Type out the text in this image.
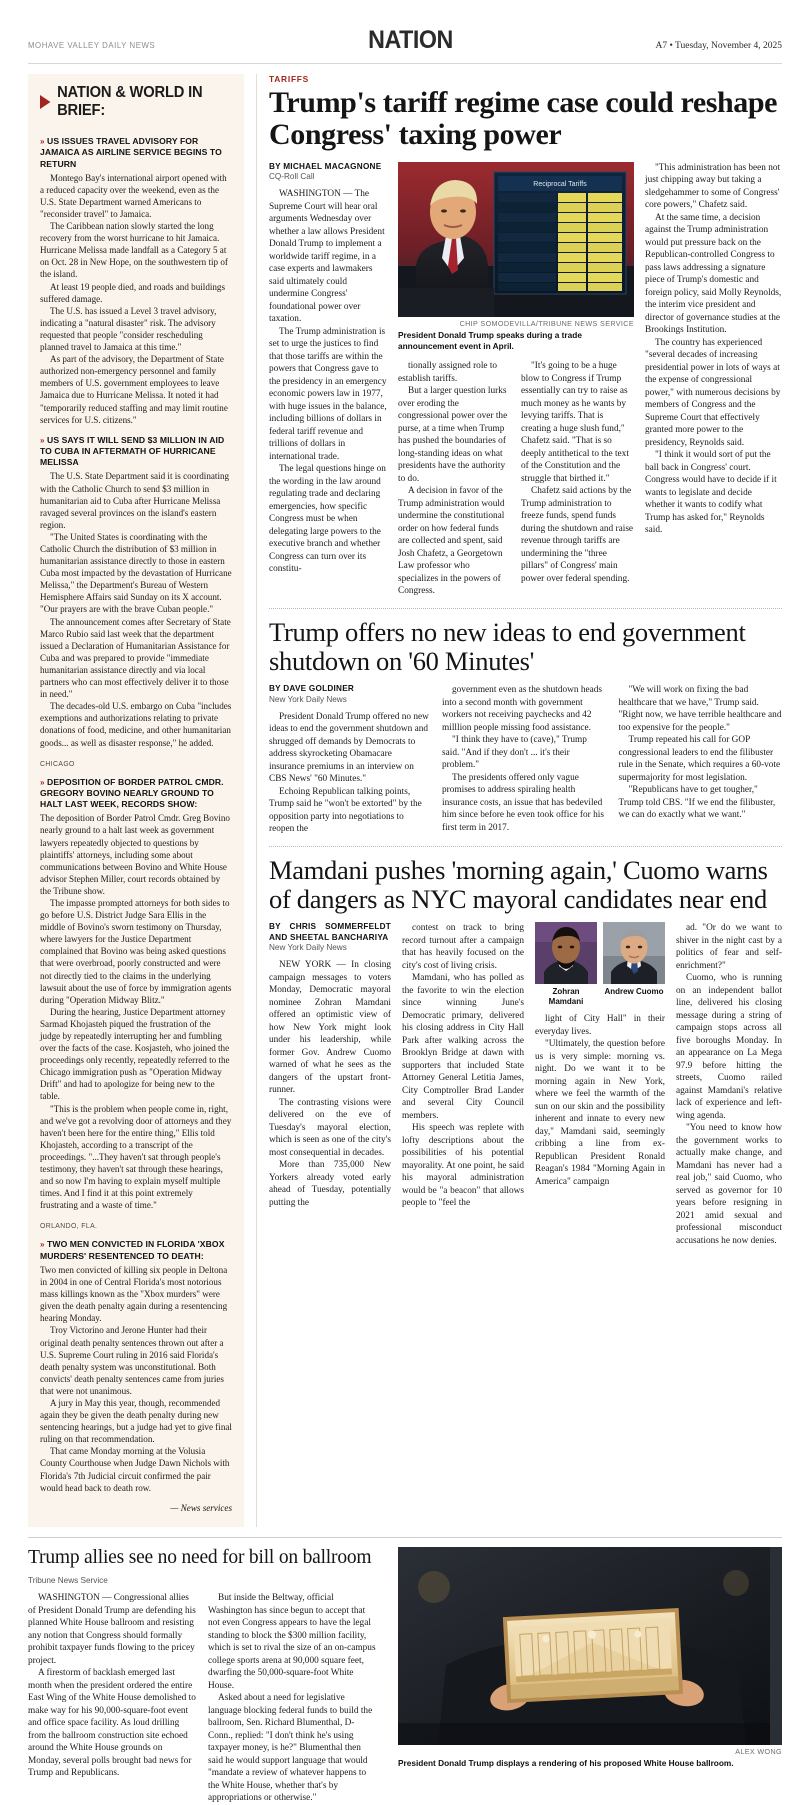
MOHAVE VALLEY DAILY NEWS	NATION	A7 • Tuesday, November 4, 2025
NATION & WORLD IN BRIEF:
» US ISSUES TRAVEL ADVISORY FOR JAMAICA AS AIRLINE SERVICE BEGINS TO RETURN

Montego Bay's international airport opened with a reduced capacity over the weekend, even as the U.S. State Department warned Americans to "reconsider travel" to Jamaica.

The Caribbean nation slowly started the long recovery from the worst hurricane to hit Jamaica. Hurricane Melissa made landfall as a Category 5 at on Oct. 28 in New Hope, on the southwestern tip of the island.

At least 19 people died, and roads and buildings suffered damage.

The U.S. has issued a Level 3 travel advisory, indicating a "natural disaster" risk. The advisory requested that people "consider rescheduling planned travel to Jamaica at this time."

As part of the advisory, the Department of State authorized non-emergency personnel and family members of U.S. government employees to leave Jamaica due to Hurricane Melissa. It noted it had "temporarily reduced staffing and may limit routine services for U.S. citizens."

» US SAYS IT WILL SEND $3 MILLION IN AID TO CUBA IN AFTERMATH OF HURRICANE MELISSA

The U.S. State Department said it is coordinating with the Catholic Church to send $3 million in humanitarian aid to Cuba after Hurricane Melissa ravaged several provinces on the island's eastern region.

"The United States is coordinating with the Catholic Church the distribution of $3 million in humanitarian assistance directly to those in eastern Cuba most impacted by the devastation of Hurricane Melissa," the Department's Bureau of Western Hemisphere Affairs said Sunday on its X account. "Our prayers are with the brave Cuban people."

The announcement comes after Secretary of State Marco Rubio said last week that the department issued a Declaration of Humanitarian Assistance for Cuba and was prepared to provide "immediate humanitarian assistance directly and via local partners who can most effectively deliver it to those in need."

The decades-old U.S. embargo on Cuba "includes exemptions and authorizations relating to private donations of food, medicine, and other humanitarian goods... as well as disaster response," he added.

CHICAGO
» DEPOSITION OF BORDER PATROL CMDR. GREGORY BOVINO NEARLY GROUND TO HALT LAST WEEK, RECORDS SHOW:

The deposition of Border Patrol Cmdr. Greg Bovino nearly ground to a halt last week as government lawyers repeatedly objected to questions by plaintiffs' attorneys, including some about communications between Bovino and White House advisor Stephen Miller, court records obtained by the Tribune show.

The impasse prompted attorneys for both sides to go before U.S. District Judge Sara Ellis in the middle of Bovino's sworn testimony on Thursday, where lawyers for the Justice Department complained that Bovino was being asked questions that were overbroad, poorly constructed and were not directly tied to the claims in the underlying lawsuit about the use of force by immigration agents during "Operation Midway Blitz."

During the hearing, Justice Department attorney Sarmad Khojasteh piqued the frustration of the judge by repeatedly interrupting her and fumbling over the facts of the case. Kosjasteh, who joined the proceedings only recently, repeatedly referred to the Chicago immigration push as "Operation Midway Drift" and had to apologize for being new to the table.

"This is the problem when people come in, right, and we've got a revolving door of attorneys and they haven't been here for the entire thing," Ellis told Khojasteh, according to a transcript of the proceedings. "...They haven't sat through people's testimony, they haven't sat through these hearings, and so now I'm having to explain myself multiple times. And I find it at this point extremely frustrating and a waste of time."

ORLANDO, FLA.
» TWO MEN CONVICTED IN FLORIDA 'XBOX MURDERS' RESENTENCED TO DEATH:

Two men convicted of killing six people in Deltona in 2004 in one of Central Florida's most notorious mass killings known as the "Xbox murders" were given the death penalty again during a resentencing hearing Monday.

Troy Victorino and Jerone Hunter had their original death penalty sentences thrown out after a U.S. Supreme Court ruling in 2016 said Florida's death penalty system was unconstitutional. Both convicts' death penalty sentences came from juries that were not unanimous.

A jury in May this year, though, recommended again they be given the death penalty during new sentencing hearings, but a judge had yet to give final ruling on that recommendation.

That came Monday morning at the Volusia County Courthouse when Judge Dawn Nichols with Florida's 7th Judicial circuit confirmed the pair would head back to death row.

— News services
TARIFFS
Trump's tariff regime case could reshape Congress' taxing power
BY MICHAEL MACAGNONE
CQ-Roll Call

WASHINGTON — The Supreme Court will hear oral arguments Wednesday over whether a law allows President Donald Trump to implement a worldwide tariff regime, in a case experts and lawmakers said ultimately could undermine Congress' foundational power over taxation.

The Trump administration is set to urge the justices to find that those tariffs are within the powers that Congress gave to the presidency in an emergency economic powers law in 1977, with huge issues in the balance, including billions of dollars in federal tariff revenue and trillions of dollars in international trade.

The legal questions hinge on the wording in the law around regulating trade and declaring emergencies, how specific Congress must be when delegating large powers to the executive branch and whether Congress can turn over its constitu-

Reciprocal Tariffs
CHIP SOMODEVILLA/TRIBUNE NEWS SERVICE
President Donald Trump speaks during a trade announcement event in April.

tionally assigned role to establish tariffs.

But a larger question lurks over eroding the congressional power over the purse, at a time when Trump has pushed the boundaries of long-standing ideas on what presidents have the authority to do.

A decision in favor of the Trump administration would undermine the constitutional order on how federal funds are collected and spent, said Josh Chafetz, a Georgetown Law professor who specializes in the powers of Congress.

"It's going to be a huge blow to Congress if Trump essentially can try to raise as much money as he wants by levying tariffs. That is creating a huge slush fund," Chafetz said. "That is so deeply antithetical to the text of the Constitution and the struggle that birthed it."

Chafetz said actions by the Trump administration to freeze funds, spend funds during the shutdown and raise revenue through tariffs are undermining the "three pillars" of Congress' main power over federal spending.

"This administration has been not just chipping away but taking a sledgehammer to some of Congress' core powers," Chafetz said.

At the same time, a decision against the Trump administration would put pressure back on the Republican-controlled Congress to pass laws addressing a signature piece of Trump's domestic and foreign policy, said Molly Reynolds, the interim vice president and director of governance studies at the Brookings Institution.

The country has experienced "several decades of increasing presidential power in lots of ways at the expense of congressional power," with numerous decisions by members of Congress and the Supreme Court that effectively granted more power to the presidency, Reynolds said.

"I think it would sort of put the ball back in Congress' court. Congress would have to decide if it wants to legislate and decide whether it wants to codify what Trump has asked for," Reynolds said.

Trump offers no new ideas to end government shutdown on '60 Minutes'
BY DAVE GOLDINER
New York Daily News

President Donald Trump offered no new ideas to end the government shutdown and shrugged off demands by Democrats to address skyrocketing Obamacare insurance premiums in an interview on CBS News' "60 Minutes."

Echoing Republican talking points, Trump said he "won't be extorted" by the opposition party into negotiations to reopen the

government even as the shutdown heads into a second month with government workers not receiving paychecks and 42 milllion people missing food assistance.

"I think they have to (cave)," Trump said. "And if they don't ... it's their problem."

The presidents offered only vague promises to address spiraling health insurance costs, an issue that has bedeviled him since before he even took office for his first term in 2017.

"We will work on fixing the bad healthcare that we have," Trump said. "Right now, we have terrible healthcare and too expensive for the people."

Trump repeated his call for GOP congressional leaders to end the filibuster rule in the Senate, which requires a 60-vote supermajority for most legislation.

"Republicans have to get tougher," Trump told CBS. "If we end the filibuster, we can do exactly what we want."

Mamdani pushes 'morning again,' Cuomo warns of dangers as NYC mayoral candidates near end
BY CHRIS SOMMERFELDT AND SHEETAL BANCHARIYA
New York Daily News

NEW YORK — In closing campaign messages to voters Monday, Democratic mayoral nominee Zohran Mamdani offered an optimistic view of how New York might look under his leadership, while former Gov. Andrew Cuomo warned of what he sees as the dangers of the upstart front-runner.

The contrasting visions were delivered on the eve of Tuesday's mayoral election, which is seen as one of the city's most consequential in decades.

More than 735,000 New Yorkers already voted early ahead of Tuesday, potentially putting the

contest on track to bring record turnout after a campaign that has heavily focused on the city's cost of living crisis.

Mamdani, who has polled as the favorite to win the election since winning June's Democratic primary, delivered his closing address in City Hall Park after walking across the Brooklyn Bridge at dawn with supporters that included State Attorney General Letitia James, City Comptroller Brad Lander and several City Council members.

His speech was replete with lofty descriptions about the possibilities of his potential mayorality. At one point, he said his mayoral administration would be "a beacon" that allows people to "feel the

Zohran Mamdani
Andrew Cuomo

light of City Hall" in their everyday lives.

"Ultimately, the question before us is very simple: morning vs. night. Do we want it to be morning again in New York, where we feel the warmth of the sun on our skin and the possibility inherent and innate to every new day," Mamdani said, seemingly cribbing a line from ex-Republican President Ronald Reagan's 1984 "Morning Again in America" campaign

ad. "Or do we want to shiver in the night cast by a politics of fear and self-enrichment?"

Cuomo, who is running on an independent ballot line, delivered his closing message during a string of campaign stops across all five boroughs Monday. In an appearance on La Mega 97.9 before hitting the streets, Cuomo railed against Mamdani's relative lack of experience and left-wing agenda.

"You need to know how the government works to actually make change, and Mamdani has never had a real job," said Cuomo, who served as governor for 10 years before resigning in 2021 amid sexual and professional misconduct accusations he now denies.

Trump allies see no need for bill on ballroom
Tribune News Service

WASHINGTON — Congressional allies of President Donald Trump are defending his planned White House ballroom and resisting any notion that Congress should formally prohibit taxpayer funds flowing to the pricey project.

A firestorm of backlash emerged last month when the president ordered the entire East Wing of the White House demolished to make way for his 90,000-square-foot event and office space facility. As loud drilling from the ballroom construction site echoed around the White House grounds on Monday, several polls brought bad news for Trump and Republicans.

But inside the Beltway, official Washington has since begun to accept that not even Congress appears to have the legal standing to block the $300 million facility, which is set to rival the size of an on-campus college sports arena at 90,000 square feet, dwarfing the 50,000-square-foot White House.

Asked about a need for legislative language blocking federal funds to build the ballroom, Sen. Richard Blumenthal, D-Conn., replied: "I don't think he's using taxpayer money, is he?" Blumenthal then said he would support language that would "mandate a review of whatever happens to the White House, whether that's by appropriations or otherwise."

ALEX WONG
President Donald Trump displays a rendering of his proposed White House ballroom.
